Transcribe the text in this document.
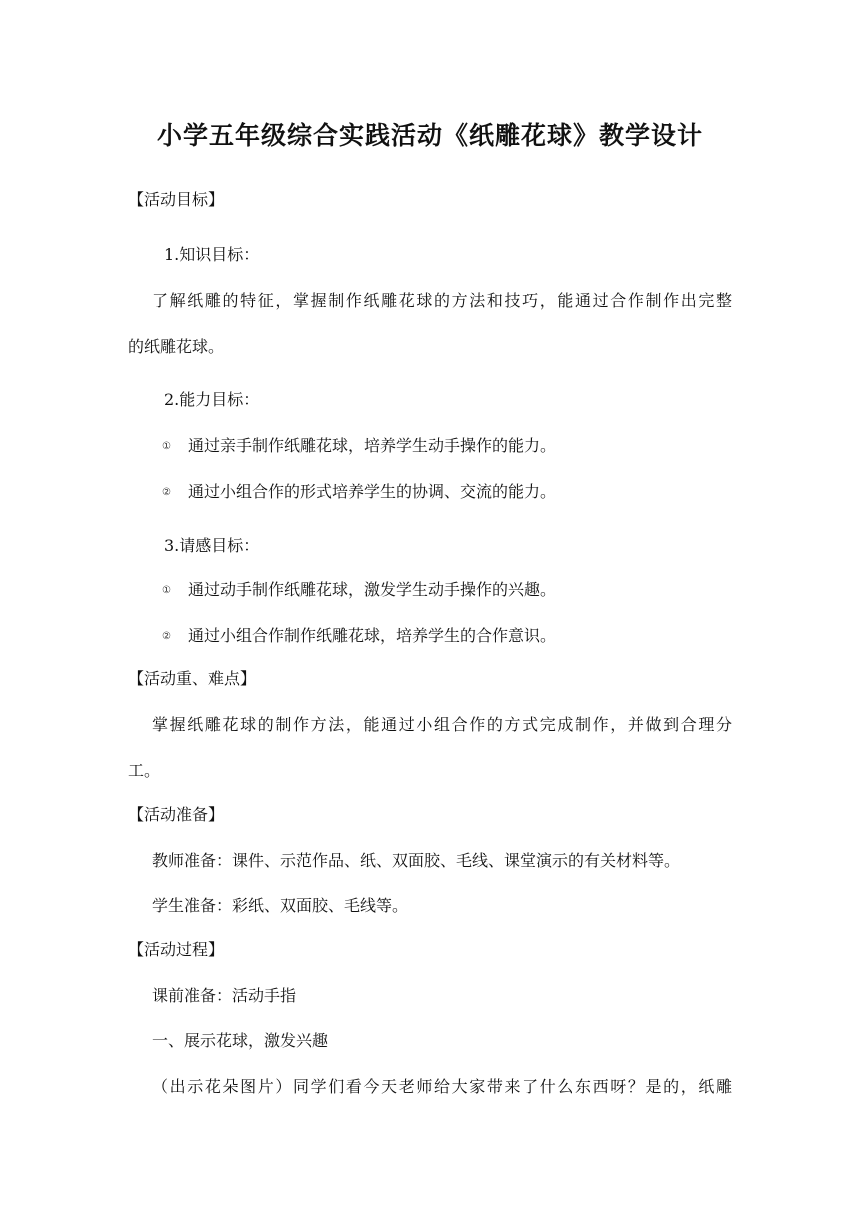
小学五年级综合实践活动《纸雕花球》教学设计
【活动目标】
1.知识目标：
了解纸雕的特征，掌握制作纸雕花球的方法和技巧，能通过合作制作出完整
的纸雕花球。
2.能力目标：
① 通过亲手制作纸雕花球，培养学生动手操作的能力。
② 通过小组合作的形式培养学生的协调、交流的能力。
3.请感目标：
① 通过动手制作纸雕花球，激发学生动手操作的兴趣。
② 通过小组合作制作纸雕花球，培养学生的合作意识。
【活动重、难点】
掌握纸雕花球的制作方法，能通过小组合作的方式完成制作，并做到合理分
工。
【活动准备】
教师准备：课件、示范作品、纸、双面胶、毛线、课堂演示的有关材料等。
学生准备：彩纸、双面胶、毛线等。
【活动过程】
课前准备：活动手指
一、展示花球，激发兴趣
（出示花朵图片）同学们看今天老师给大家带来了什么东西呀？是的，纸雕
